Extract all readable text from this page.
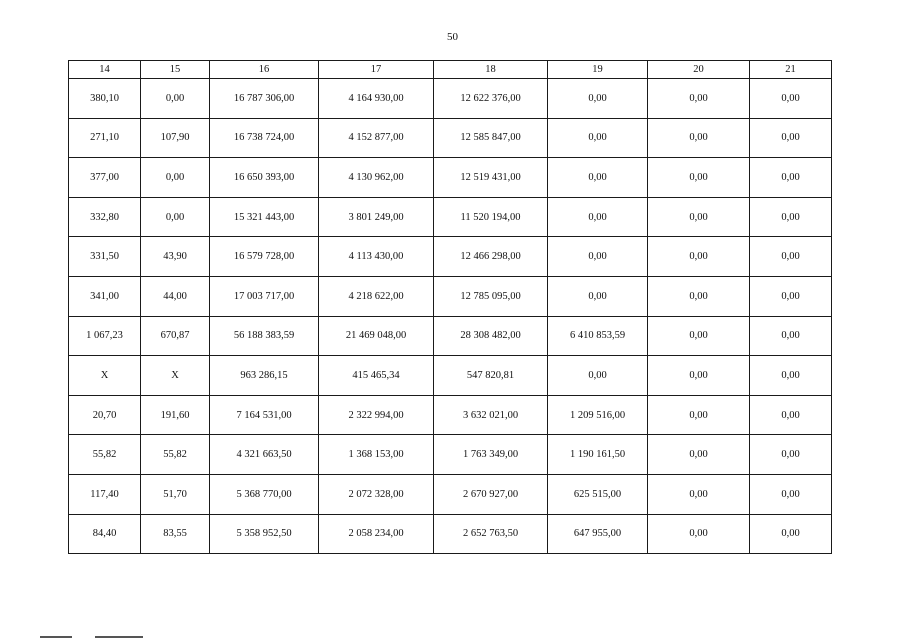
50
14	15	16	17	18	19	20	21
380,10	0,00	16 787 306,00	4 164 930,00	12 622 376,00	0,00	0,00	0,00
271,10	107,90	16 738 724,00	4 152 877,00	12 585 847,00	0,00	0,00	0,00
377,00	0,00	16 650 393,00	4 130 962,00	12 519 431,00	0,00	0,00	0,00
332,80	0,00	15 321 443,00	3 801 249,00	11 520 194,00	0,00	0,00	0,00
331,50	43,90	16 579 728,00	4 113 430,00	12 466 298,00	0,00	0,00	0,00
341,00	44,00	17 003 717,00	4 218 622,00	12 785 095,00	0,00	0,00	0,00
1 067,23	670,87	56 188 383,59	21 469 048,00	28 308 482,00	6 410 853,59	0,00	0,00
X	X	963 286,15	415 465,34	547 820,81	0,00	0,00	0,00
20,70	191,60	7 164 531,00	2 322 994,00	3 632 021,00	1 209 516,00	0,00	0,00
55,82	55,82	4 321 663,50	1 368 153,00	1 763 349,00	1 190 161,50	0,00	0,00
117,40	51,70	5 368 770,00	2 072 328,00	2 670 927,00	625 515,00	0,00	0,00
84,40	83,55	5 358 952,50	2 058 234,00	2 652 763,50	647 955,00	0,00	0,00
